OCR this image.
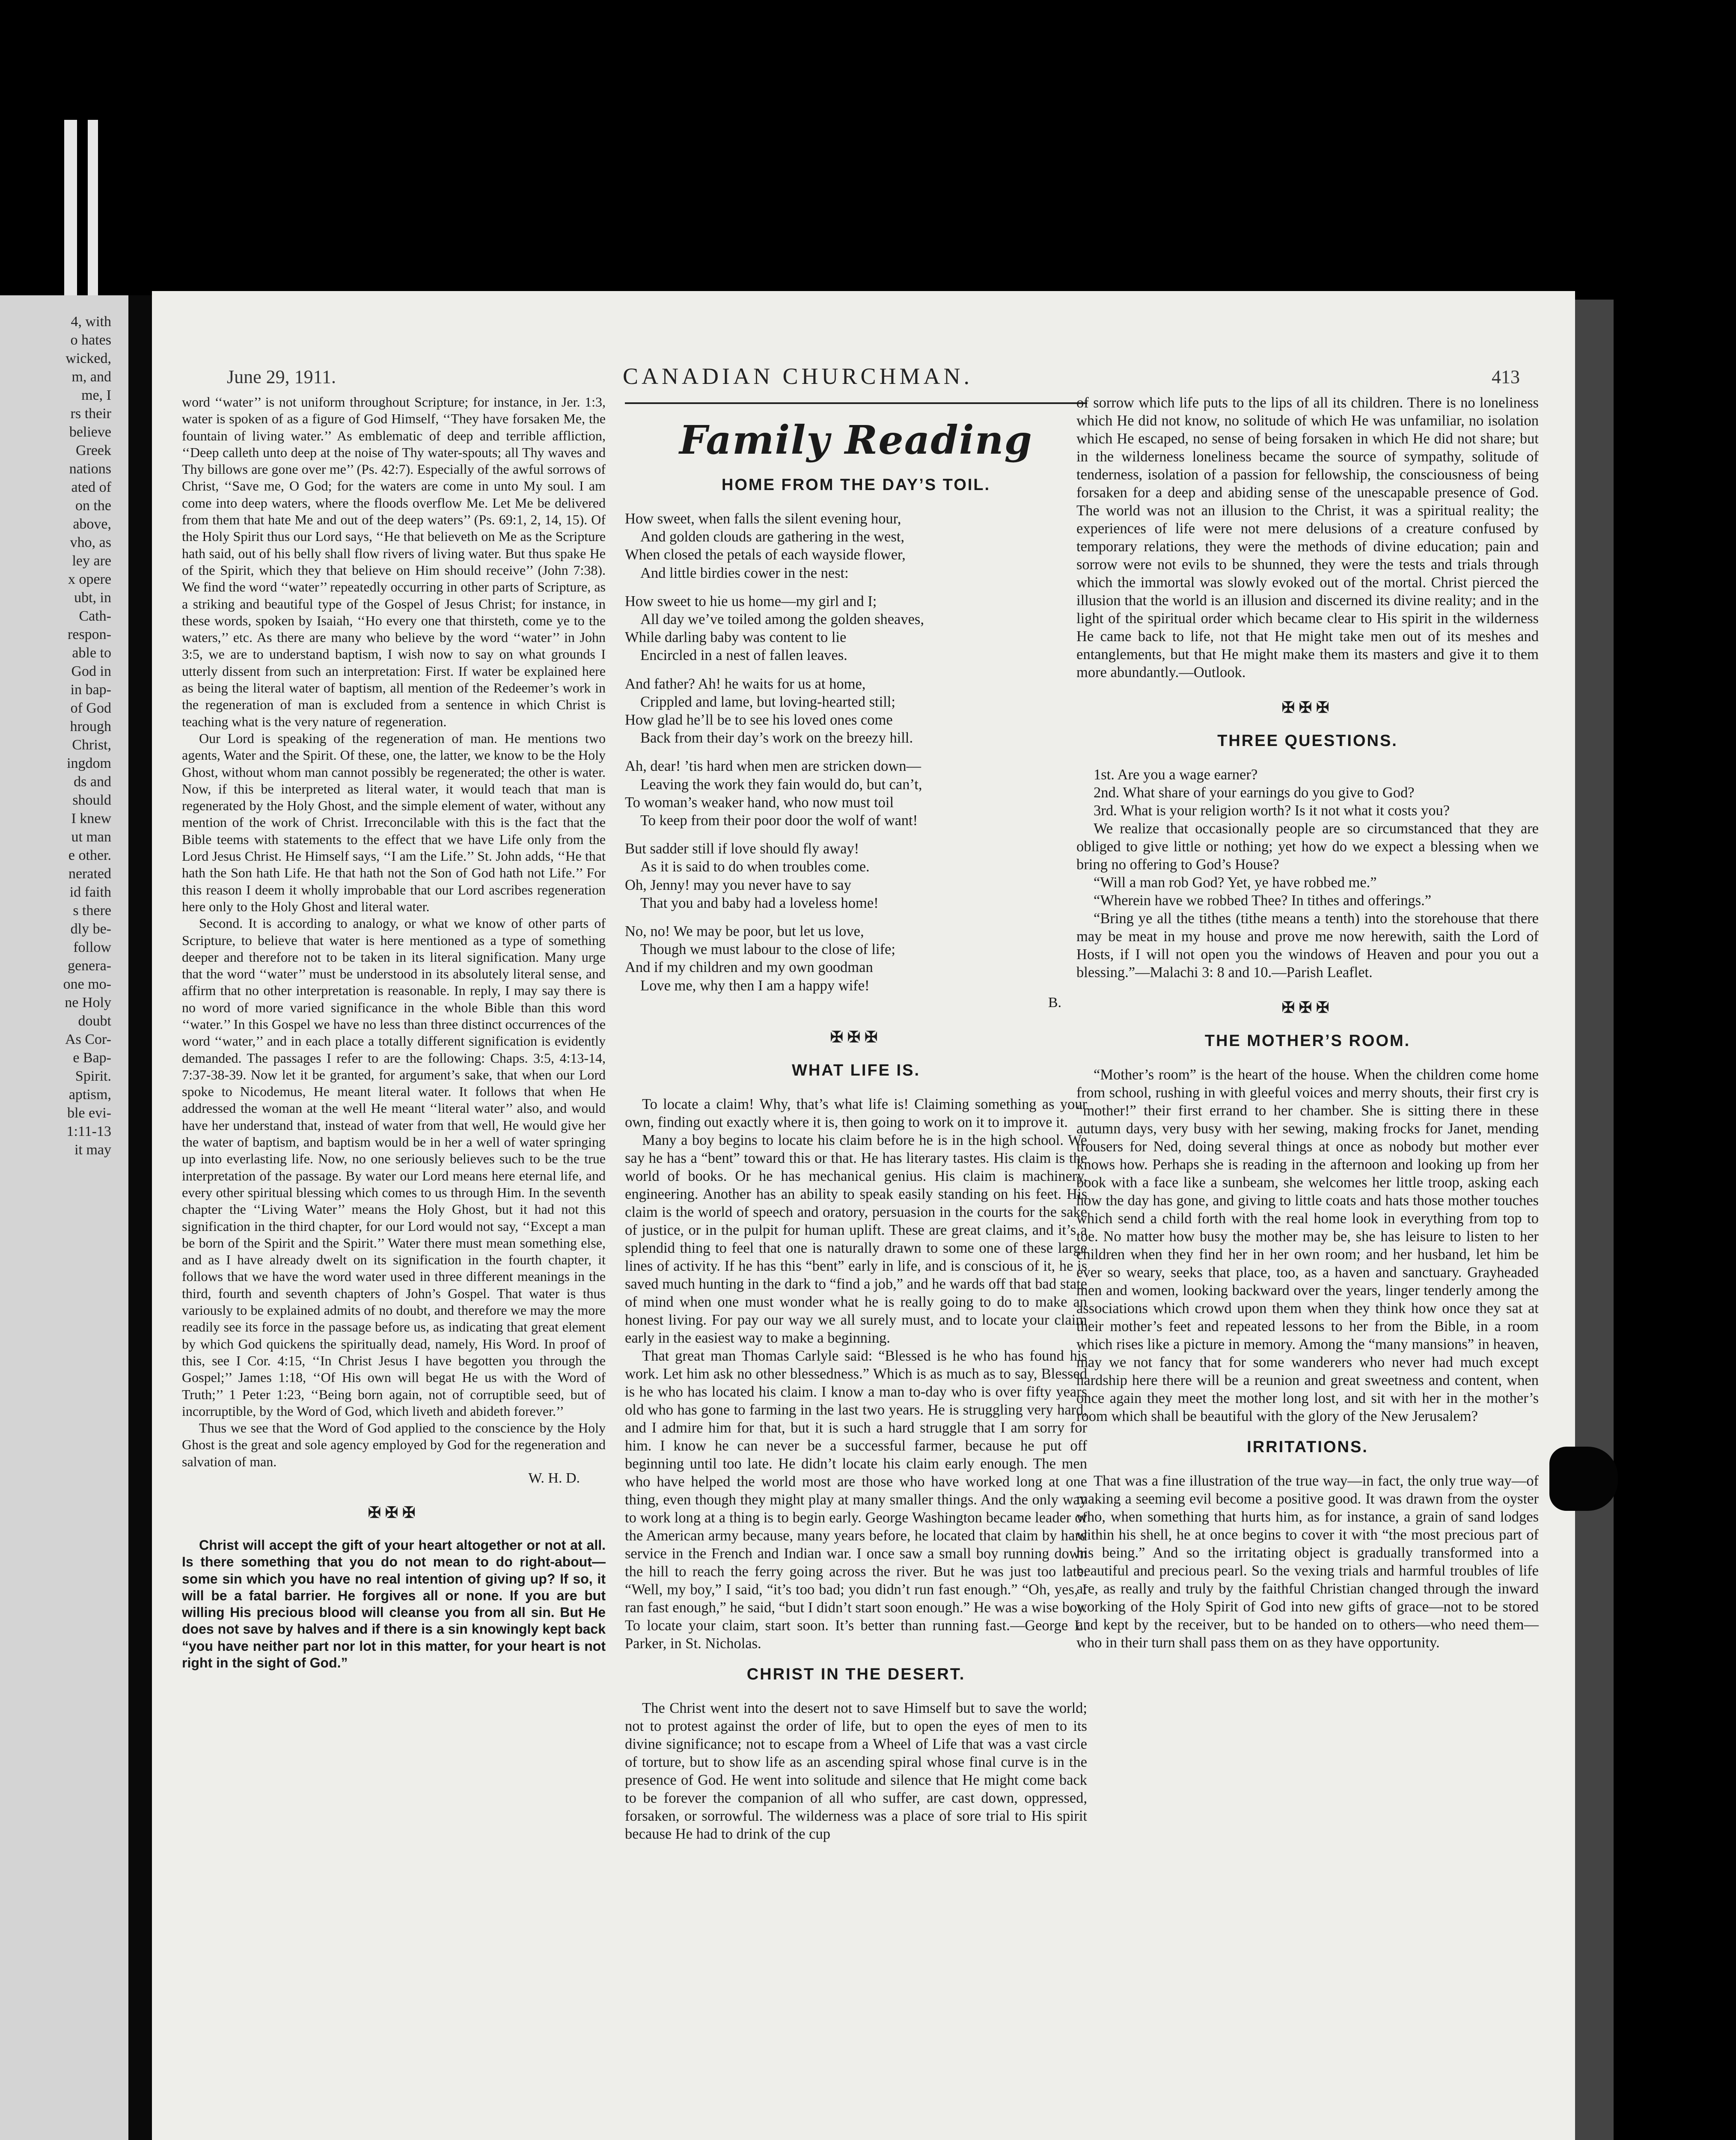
4, with
o hates
wicked,
m, and
me, I
rs their
believe
Greek
nations
ated of
on the
above,
vho, as
ley are
x opere
ubt, in
Cath-
respon-
able to
God in
in bap-
of God
hrough
Christ,
ingdom
ds and
should
I knew
ut man
e other.
nerated
id faith
s there
dly be-
follow
genera-
one mo-
ne Holy
doubt
As Cor-
e Bap-
Spirit.
aptism,
ble evi-
1:11-13
it may
June 29, 1911.	CANADIAN CHURCHMAN.	413

word ‘‘water’’ is not uniform throughout Scripture; for instance, in Jer. 1:3, water is spoken of as a figure of God Himself, ‘‘They have forsaken Me, the fountain of living water.’’ As emblematic of deep and terrible affliction, ‘‘Deep calleth unto deep at the noise of Thy water-spouts; all Thy waves and Thy billows are gone over me’’ (Ps. 42:7). Especially of the awful sorrows of Christ, ‘‘Save me, O God; for the waters are come in unto My soul. I am come into deep waters, where the floods overflow Me. Let Me be delivered from them that hate Me and out of the deep waters’’ (Ps. 69:1, 2, 14, 15). Of the Holy Spirit thus our Lord says, ‘‘He that believeth on Me as the Scripture hath said, out of his belly shall flow rivers of living water. But thus spake He of the Spirit, which they that believe on Him should receive’’ (John 7:38). We find the word ‘‘water’’ repeatedly occurring in other parts of Scripture, as a striking and beautiful type of the Gospel of Jesus Christ; for instance, in these words, spoken by Isaiah, ‘‘Ho every one that thirsteth, come ye to the waters,’’ etc. As there are many who believe by the word ‘‘water’’ in John 3:5, we are to understand baptism, I wish now to say on what grounds I utterly dissent from such an interpretation: First. If water be explained here as being the literal water of baptism, all mention of the Redeemer’s work in the regeneration of man is excluded from a sentence in which Christ is teaching what is the very nature of regeneration.

Our Lord is speaking of the regeneration of man. He mentions two agents, Water and the Spirit. Of these, one, the latter, we know to be the Holy Ghost, without whom man cannot possibly be regenerated; the other is water. Now, if this be interpreted as literal water, it would teach that man is regenerated by the Holy Ghost, and the simple element of water, without any mention of the work of Christ. Irreconcilable with this is the fact that the Bible teems with statements to the effect that we have Life only from the Lord Jesus Christ. He Himself says, ‘‘I am the Life.’’ St. John adds, ‘‘He that hath the Son hath Life. He that hath not the Son of God hath not Life.’’ For this reason I deem it wholly improbable that our Lord ascribes regeneration here only to the Holy Ghost and literal water.

Second. It is according to analogy, or what we know of other parts of Scripture, to believe that water is here mentioned as a type of something deeper and therefore not to be taken in its literal signification. Many urge that the word ‘‘water’’ must be understood in its absolutely literal sense, and affirm that no other interpretation is reasonable. In reply, I may say there is no word of more varied significance in the whole Bible than this word ‘‘water.’’ In this Gospel we have no less than three distinct occurrences of the word ‘‘water,’’ and in each place a totally different signification is evidently demanded. The passages I refer to are the following: Chaps. 3:5, 4:13-14, 7:37-38-39. Now let it be granted, for argument’s sake, that when our Lord spoke to Nicodemus, He meant literal water. It follows that when He addressed the woman at the well He meant ‘‘literal water’’ also, and would have her understand that, instead of water from that well, He would give her the water of baptism, and baptism would be in her a well of water springing up into everlasting life. Now, no one seriously believes such to be the true interpretation of the passage. By water our Lord means here eternal life, and every other spiritual blessing which comes to us through Him. In the seventh chapter the ‘‘Living Water’’ means the Holy Ghost, but it had not this signification in the third chapter, for our Lord would not say, ‘‘Except a man be born of the Spirit and the Spirit.’’ Water there must mean something else, and as I have already dwelt on its signification in the fourth chapter, it follows that we have the word water used in three different meanings in the third, fourth and seventh chapters of John’s Gospel. That water is thus variously to be explained admits of no doubt, and therefore we may the more readily see its force in the passage before us, as indicating that great element by which God quickens the spiritually dead, namely, His Word. In proof of this, see I Cor. 4:15, ‘‘In Christ Jesus I have begotten you through the Gospel;’’ James 1:18, ‘‘Of His own will begat He us with the Word of Truth;’’ 1 Peter 1:23, ‘‘Being born again, not of corruptible seed, but of incorruptible, by the Word of God, which liveth and abideth forever.’’

Thus we see that the Word of God applied to the conscience by the Holy Ghost is the great and sole agency employed by God for the regeneration and salvation of man.

W. H. D.
✠✠✠

Christ will accept the gift of your heart altogether or not at all. Is there something that you do not mean to do right-about—some sin which you have no real intention of giving up? If so, it will be a fatal barrier. He forgives all or none. If you are but willing His precious blood will cleanse you from all sin. But He does not save by halves and if there is a sin knowingly kept back “you have neither part nor lot in this matter, for your heart is not right in the sight of God.”

Family Reading
HOME FROM THE DAY’S TOIL.
How sweet, when falls the silent evening hour,
And golden clouds are gathering in the west,
When closed the petals of each wayside flower,
And little birdies cower in the nest:
How sweet to hie us home—my girl and I;
All day we’ve toiled among the golden sheaves,
While darling baby was content to lie
Encircled in a nest of fallen leaves.
And father? Ah! he waits for us at home,
Crippled and lame, but loving-hearted still;
How glad he’ll be to see his loved ones come
Back from their day’s work on the breezy hill.
Ah, dear! ’tis hard when men are stricken down—
Leaving the work they fain would do, but can’t,
To woman’s weaker hand, who now must toil
To keep from their poor door the wolf of want!
But sadder still if love should fly away!
As it is said to do when troubles come.
Oh, Jenny! may you never have to say
That you and baby had a loveless home!
No, no! We may be poor, but let us love,
Though we must labour to the close of life;
And if my children and my own goodman
Love me, why then I am a happy wife!
B.
✠✠✠
WHAT LIFE IS.

To locate a claim! Why, that’s what life is! Claiming something as your own, finding out exactly where it is, then going to work on it to improve it.

Many a boy begins to locate his claim before he is in the high school. We say he has a “bent” toward this or that. He has literary tastes. His claim is the world of books. Or he has mechanical genius. His claim is machinery, engineering. Another has an ability to speak easily standing on his feet. His claim is the world of speech and oratory, persuasion in the courts for the sake of justice, or in the pulpit for human uplift. These are great claims, and it’s a splendid thing to feel that one is naturally drawn to some one of these large lines of activity. If he has this “bent” early in life, and is conscious of it, he is saved much hunting in the dark to “find a job,” and he wards off that bad state of mind when one must wonder what he is really going to do to make an honest living. For pay our way we all surely must, and to locate your claim early in the easiest way to make a beginning.

That great man Thomas Carlyle said: “Blessed is he who has found his work. Let him ask no other blessedness.” Which is as much as to say, Blessed is he who has located his claim. I know a man to-day who is over fifty years old who has gone to farming in the last two years. He is struggling very hard, and I admire him for that, but it is such a hard struggle that I am sorry for him. I know he can never be a successful farmer, because he put off beginning until too late. He didn’t locate his claim early enough. The men who have helped the world most are those who have worked long at one thing, even though they might play at many smaller things. And the only way to work long at a thing is to begin early. George Washington became leader of the American army because, many years before, he located that claim by hard service in the French and Indian war. I once saw a small boy running down the hill to reach the ferry going across the river. But he was just too late. “Well, my boy,” I said, “it’s too bad; you didn’t run fast enough.” “Oh, yes, I ran fast enough,” he said, “but I didn’t start soon enough.” He was a wise boy. To locate your claim, start soon. It’s better than running fast.—George L. Parker, in St. Nicholas.

CHRIST IN THE DESERT.

The Christ went into the desert not to save Himself but to save the world; not to protest against the order of life, but to open the eyes of men to its divine significance; not to escape from a Wheel of Life that was a vast circle of torture, but to show life as an ascending spiral whose final curve is in the presence of God. He went into solitude and silence that He might come back to be forever the companion of all who suffer, are cast down, oppressed, forsaken, or sorrowful. The wilderness was a place of sore trial to His spirit because He had to drink of the cup

of sorrow which life puts to the lips of all its children. There is no loneliness which He did not know, no solitude of which He was unfamiliar, no isolation which He escaped, no sense of being forsaken in which He did not share; but in the wilderness loneliness became the source of sympathy, solitude of tenderness, isolation of a passion for fellowship, the consciousness of being forsaken for a deep and abiding sense of the unescapable presence of God. The world was not an illusion to the Christ, it was a spiritual reality; the experiences of life were not mere delusions of a creature confused by temporary relations, they were the methods of divine education; pain and sorrow were not evils to be shunned, they were the tests and trials through which the immortal was slowly evoked out of the mortal. Christ pierced the illusion that the world is an illusion and discerned its divine reality; and in the light of the spiritual order which became clear to His spirit in the wilderness He came back to life, not that He might take men out of its meshes and entanglements, but that He might make them its masters and give it to them more abundantly.—Outlook.

✠✠✠
THREE QUESTIONS.

1st. Are you a wage earner?

2nd. What share of your earnings do you give to God?

3rd. What is your religion worth? Is it not what it costs you?

We realize that occasionally people are so circumstanced that they are obliged to give little or nothing; yet how do we expect a blessing when we bring no offering to God’s House?

“Will a man rob God? Yet, ye have robbed me.”

“Wherein have we robbed Thee? In tithes and offerings.”

“Bring ye all the tithes (tithe means a tenth) into the storehouse that there may be meat in my house and prove me now herewith, saith the Lord of Hosts, if I will not open you the windows of Heaven and pour you out a blessing.”—Malachi 3: 8 and 10.—Parish Leaflet.

✠✠✠
THE MOTHER’S ROOM.

“Mother’s room” is the heart of the house. When the children come home from school, rushing in with gleeful voices and merry shouts, their first cry is “mother!” their first errand to her chamber. She is sitting there in these autumn days, very busy with her sewing, making frocks for Janet, mending trousers for Ned, doing several things at once as nobody but mother ever knows how. Perhaps she is reading in the afternoon and looking up from her book with a face like a sunbeam, she welcomes her little troop, asking each how the day has gone, and giving to little coats and hats those mother touches which send a child forth with the real home look in everything from top to toe. No matter how busy the mother may be, she has leisure to listen to her children when they find her in her own room; and her husband, let him be ever so weary, seeks that place, too, as a haven and sanctuary. Grayheaded men and women, looking backward over the years, linger tenderly among the associations which crowd upon them when they think how once they sat at their mother’s feet and repeated lessons to her from the Bible, in a room which rises like a picture in memory. Among the “many mansions” in heaven, may we not fancy that for some wanderers who never had much except hardship here there will be a reunion and great sweetness and content, when once again they meet the mother long lost, and sit with her in the mother’s room which shall be beautiful with the glory of the New Jerusalem?

IRRITATIONS.

That was a fine illustration of the true way—in fact, the only true way—of making a seeming evil become a positive good. It was drawn from the oyster who, when something that hurts him, as for instance, a grain of sand lodges within his shell, he at once begins to cover it with “the most precious part of his being.” And so the irritating object is gradually transformed into a beautiful and precious pearl. So the vexing trials and harmful troubles of life are, as really and truly by the faithful Christian changed through the inward working of the Holy Spirit of God into new gifts of grace—not to be stored and kept by the receiver, but to be handed on to others—who need them—who in their turn shall pass them on as they have opportunity.
